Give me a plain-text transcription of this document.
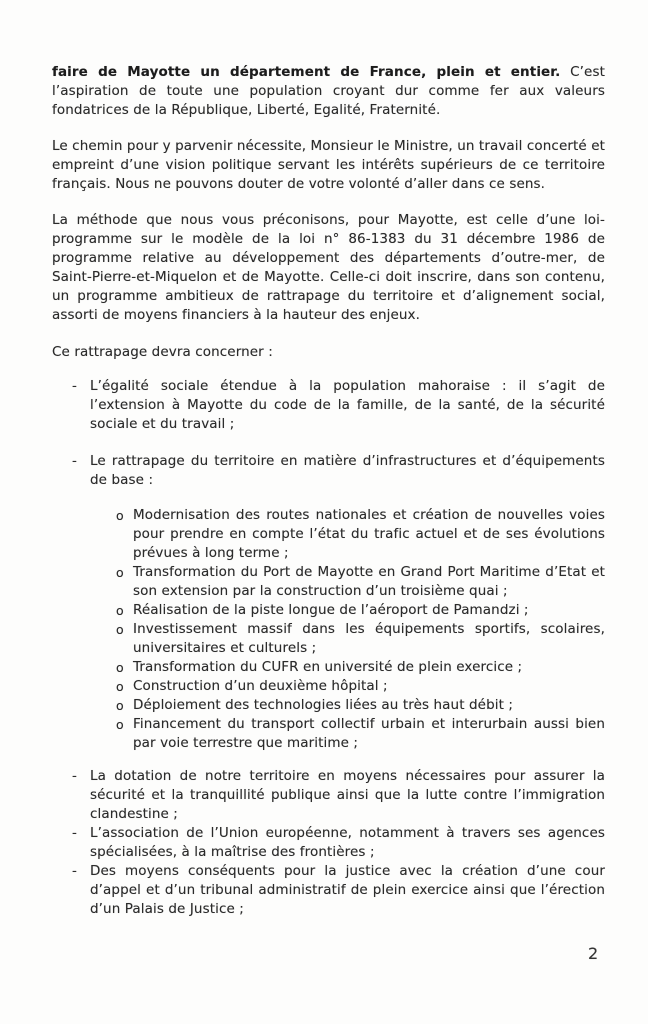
faire de Mayotte un département de France, plein et entier. C’est l’aspiration de toute une population croyant dur comme fer aux valeurs fondatrices de la République, Liberté, Egalité, Fraternité.

Le chemin pour y parvenir nécessite, Monsieur le Ministre, un travail concerté et empreint d’une vision politique servant les intérêts supérieurs de ce territoire français. Nous ne pouvons douter de votre volonté d’aller dans ce sens.

La méthode que nous vous préconisons, pour Mayotte, est celle d’une loi-programme sur le modèle de la loi n° 86-1383 du 31 décembre 1986 de programme relative au développement des départements d’outre-mer, de Saint-Pierre-et-Miquelon et de Mayotte. Celle-ci doit inscrire, dans son contenu, un programme ambitieux de rattrapage du territoire et d’alignement social, assorti de moyens financiers à la hauteur des enjeux.

Ce rattrapage devra concerner :

- L’égalité sociale étendue à la population mahoraise : il s’agit de l’extension à Mayotte du code de la famille, de la santé, de la sécurité sociale et du travail ;
- Le rattrapage du territoire en matière d’infrastructures et d’équipements de base :
o Modernisation des routes nationales et création de nouvelles voies pour prendre en compte l’état du trafic actuel et de ses évolutions prévues à long terme ;
o Transformation du Port de Mayotte en Grand Port Maritime d’Etat et son extension par la construction d’un troisième quai ;
o Réalisation de la piste longue de l’aéroport de Pamandzi ;
o Investissement massif dans les équipements sportifs, scolaires, universitaires et culturels ;
o Transformation du CUFR en université de plein exercice ;
o Construction d’un deuxième hôpital ;
o Déploiement des technologies liées au très haut débit ;
o Financement du transport collectif urbain et interurbain aussi bien par voie terrestre que maritime ;
- La dotation de notre territoire en moyens nécessaires pour assurer la sécurité et la tranquillité publique ainsi que la lutte contre l’immigration clandestine ;
- L’association de l’Union européenne, notamment à travers ses agences spécialisées, à la maîtrise des frontières ;
- Des moyens conséquents pour la justice avec la création d’une cour d’appel et d’un tribunal administratif de plein exercice ainsi que l’érection d’un Palais de Justice ;
2
